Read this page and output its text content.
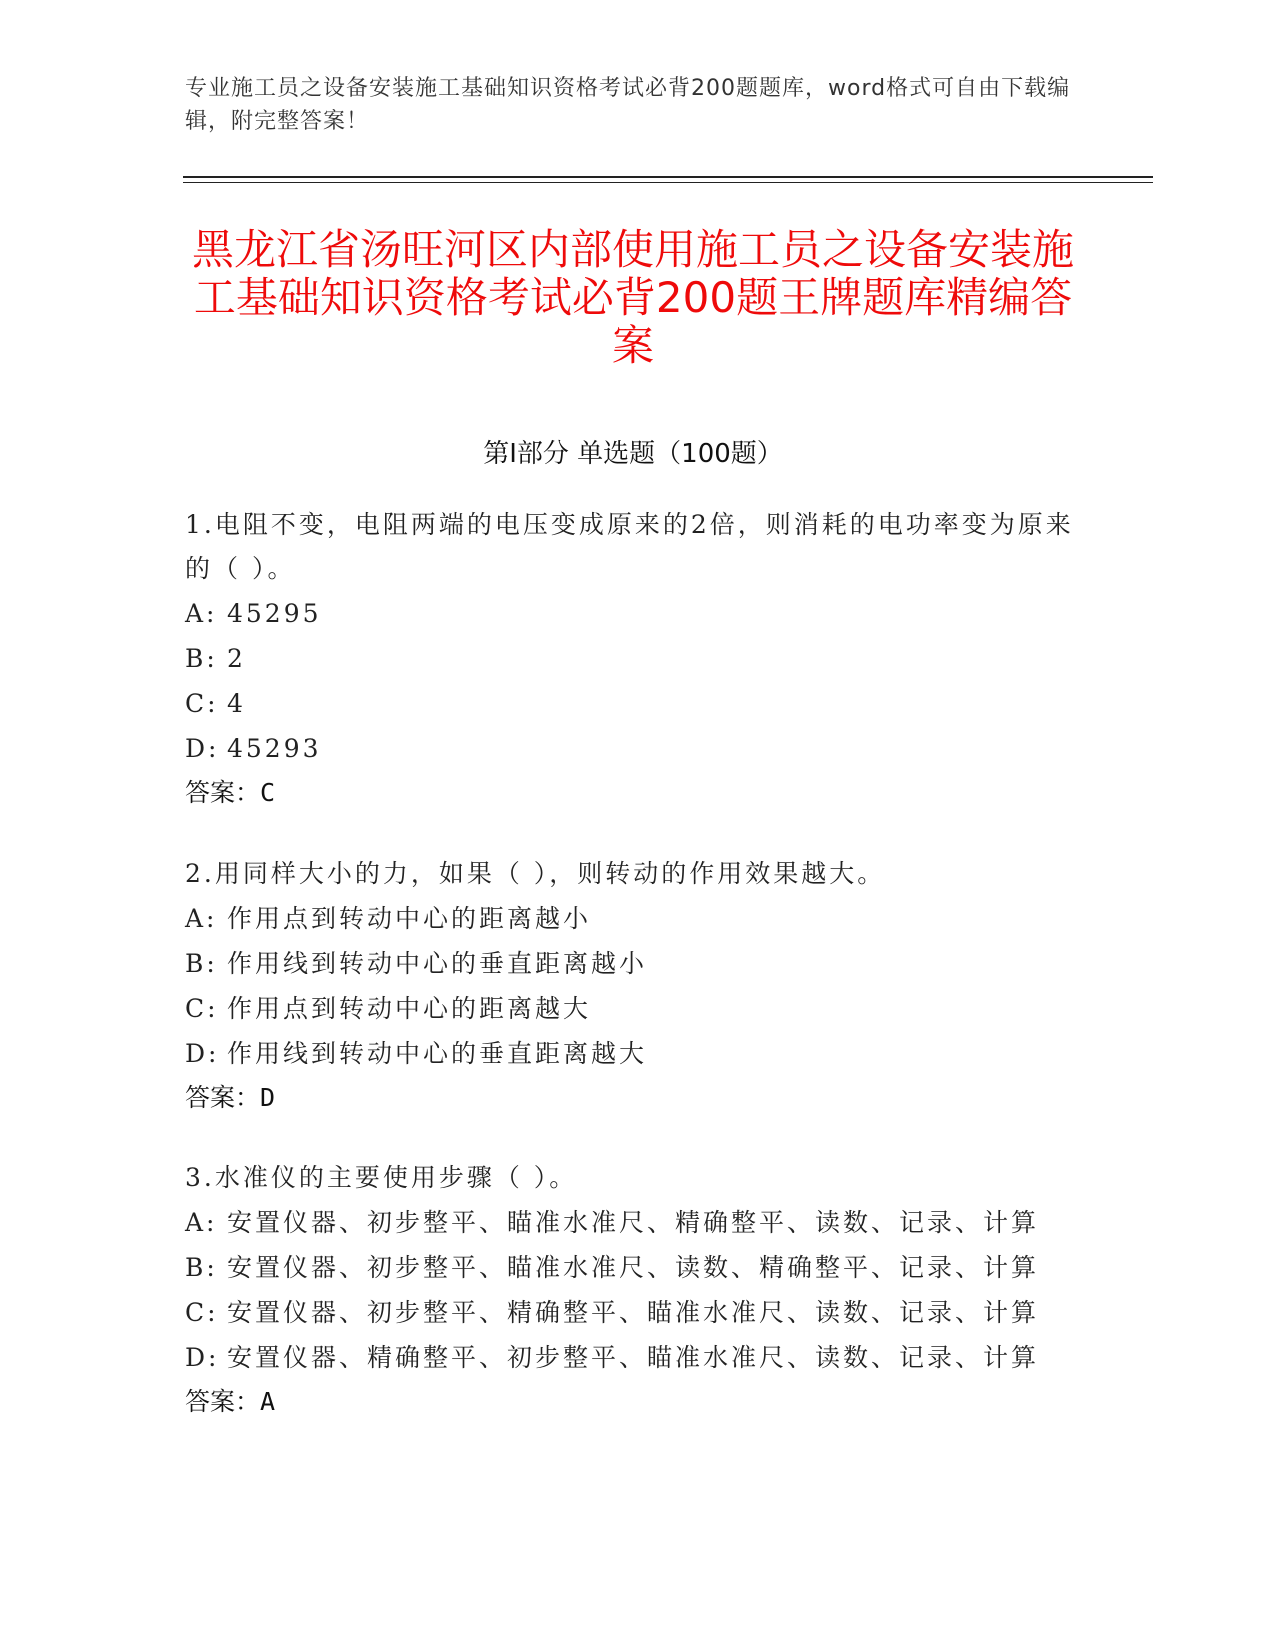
专业施工员之设备安装施工基础知识资格考试必背200题题库，word格式可自由下载编辑，附完整答案！
黑龙江省汤旺河区内部使用施工员之设备安装施工基础知识资格考试必背200题王牌题库精编答案
第Ⅰ部分 单选题（100题）
1.电阻不变，电阻两端的电压变成原来的2倍，则消耗的电功率变为原来的（ ）。
A: 45295
B: 2
C: 4
D: 45293
答案：C
2.用同样大小的力，如果（ ），则转动的作用效果越大。
A: 作用点到转动中心的距离越小
B: 作用线到转动中心的垂直距离越小
C: 作用点到转动中心的距离越大
D: 作用线到转动中心的垂直距离越大
答案：D
3.水准仪的主要使用步骤（ ）。
A: 安置仪器、初步整平、瞄准水准尺、精确整平、读数、记录、计算
B: 安置仪器、初步整平、瞄准水准尺、读数、精确整平、记录、计算
C: 安置仪器、初步整平、精确整平、瞄准水准尺、读数、记录、计算
D: 安置仪器、精确整平、初步整平、瞄准水准尺、读数、记录、计算
答案：A
